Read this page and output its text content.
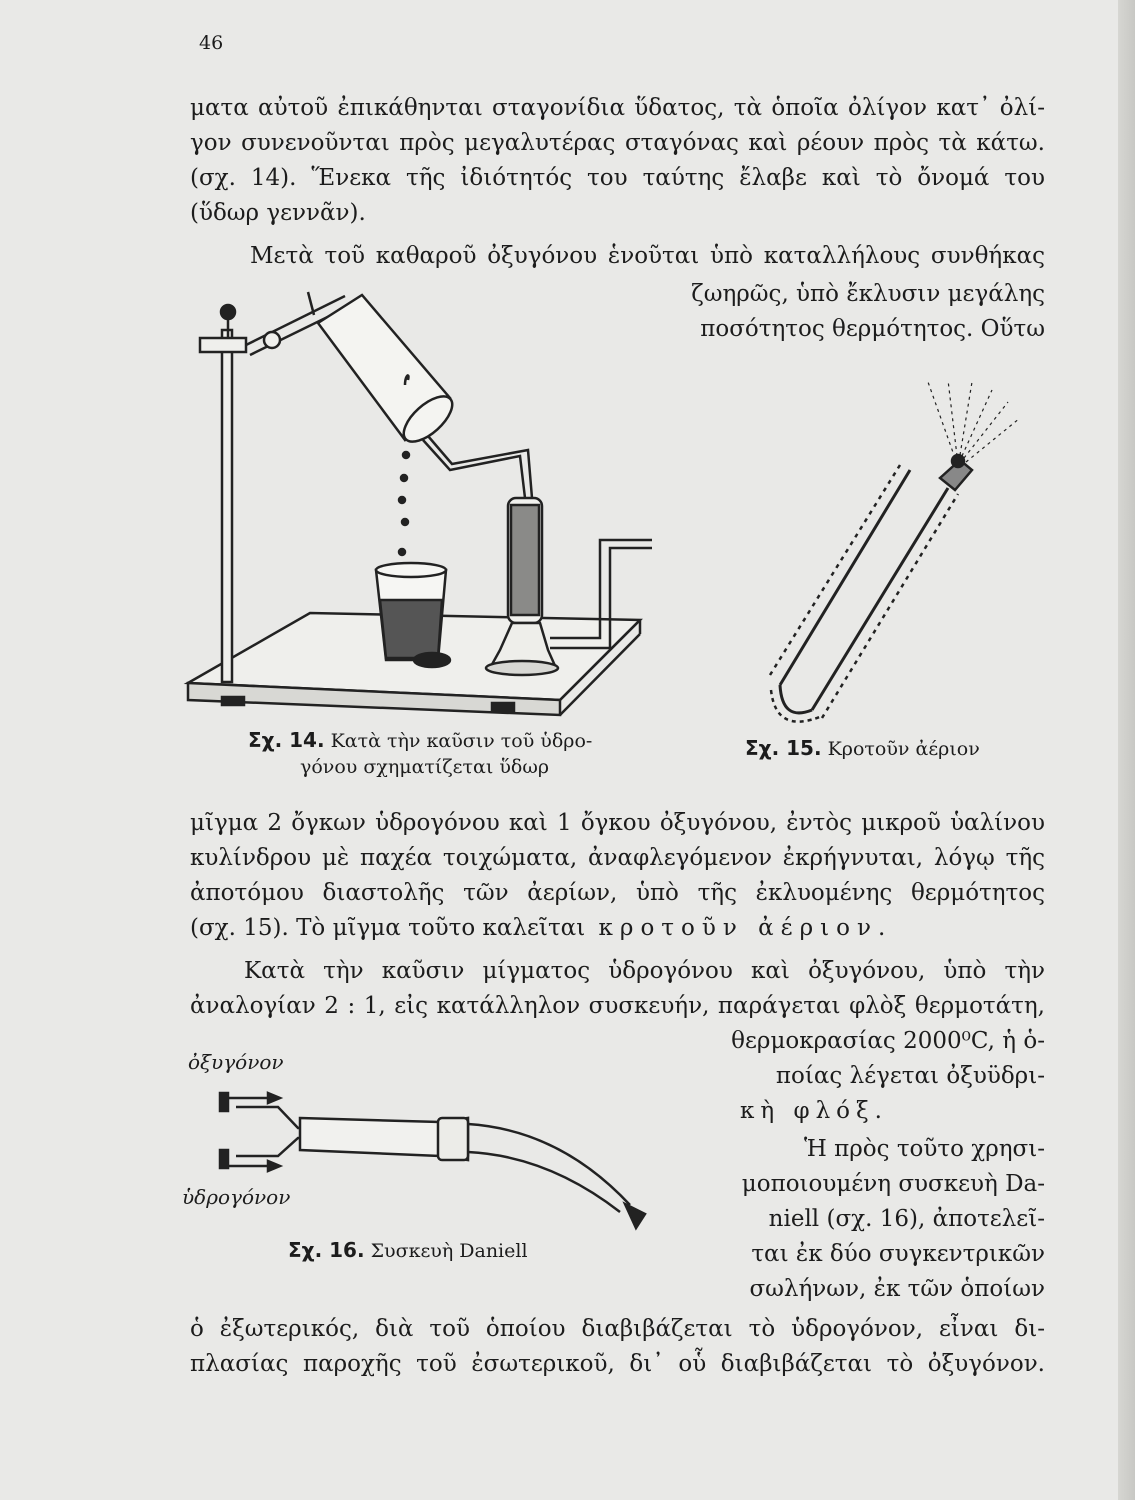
46
ματα αὐτοῦ ἐπικάθηνται σταγονίδια ὕδατος, τὰ ὁποῖα ὀλίγον κατ᾽ ὀλί-
γον συνενοῦνται πρὸς μεγαλυτέρας σταγόνας καὶ ρέουν πρὸς τὰ κάτω.
(σχ. 14). Ἕνεκα τῆς ἰδιότητός του ταύτης ἔλαβε καὶ τὸ ὄνομά του
(ὕδωρ γεννᾶν).
Μετὰ τοῦ καθαροῦ ὀξυγόνου ἑνοῦται ὑπὸ καταλλήλους συνθήκας
ζωηρῶς, ὑπὸ ἔκλυσιν μεγάλης
ποσότητος θερμότητος. Οὕτω
Σχ. 14. Κατὰ τὴν καῦσιν τοῦ ὑδρο-
γόνου σχηματίζεται ὕδωρ
Σχ. 15. Κροτοῦν ἀέριον
μῖγμα 2 ὄγκων ὑδρογόνου καὶ 1 ὄγκου ὀξυγόνου, ἐντὸς μικροῦ ὑαλίνου
κυλίνδρου μὲ παχέα τοιχώματα, ἀναφλεγόμενον ἐκρήγνυται, λόγῳ τῆς
ἀποτόμου διαστολῆς τῶν ἀερίων, ὑπὸ τῆς ἐκλυομένης θερμότητος
(σχ. 15). Τὸ μῖγμα τοῦτο καλεῖται κροτοῦν ἀέριον.
Κατὰ τὴν καῦσιν μίγματος ὑδρογόνου καὶ ὀξυγόνου, ὑπὸ τὴν
ἀναλογίαν 2 : 1, εἰς κατάλληλον συσκευήν, παράγεται φλὸξ θερμοτάτη,
θερμοκρασίας 2000⁰C, ἡ ὁ-
ποίας λέγεται ὀξυϋδρι-
κὴ φλόξ.
Ἡ πρὸς τοῦτο χρησι-
μοποιουμένη συσκευὴ Da-
niell (σχ. 16), ἀποτελεῖ-
ται ἐκ δύο συγκεντρικῶν
σωλήνων, ἐκ τῶν ὁποίων
ὀξυγόνον
ὑδρογόνον
Σχ. 16. Συσκευὴ Daniell
ὁ ἐξωτερικός, διὰ τοῦ ὁποίου διαβιβάζεται τὸ ὑδρογόνον, εἶναι δι-
πλασίας παροχῆς τοῦ ἐσωτερικοῦ, δι᾽ οὗ διαβιβάζεται τὸ ὀξυγόνον.
